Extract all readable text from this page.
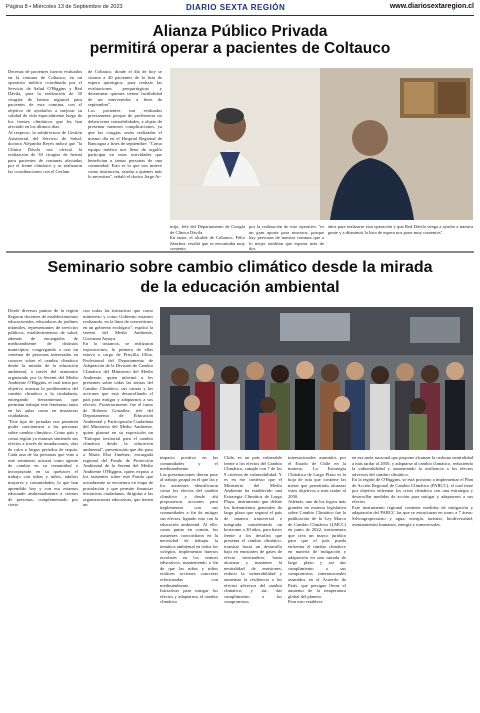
Página 8 • Miércoles 13 de Septiembre de 2023	DIARIO SEXTA REGIÓN	www.diariosextaregion.cl
Alianza Público Privada
permitirá operar a pacientes de Coltauco
Decenas de pacientes fueron evaluados en la comuna de Coltauco, en un operativo médico coordinado por el Servicio de Salud O'Higgins y Red Dávila, para la realización de 30 cirugías de hernia inguinal para pacientes de esta comuna, con el objetivo de ayudarlos a mejorar su calidad de vida especialmente luego de los frentes climáticos que les han afectado en los últimos días.
Al respecto, la subdirectora de Gestión Asistencial del Servicio de Salud, doctora Alejandra Reyes indicó que "la Clínica Dávila nos ofreció la realización de 30 cirugías de hernia para pacientes de comunas afectadas por el frente climático y se realizaron las coordinaciones con el Cesfam
de Coltauco, donde el día de hoy se citaron a 40 pacientes de la lista de espera quirúrgica, para realizar las evaluaciones prequirúrgicas y determinar quienes tienen factibilidad de ser intervenidos a fines de septiembre".
Los pacientes son evaluados previamente porque de preferencia no deben tener comorbilidades, a objeto de presentar menores complicaciones, ya que las cirugías serán realizadas el mismo día en el Hospital Regional de Rancagua a fines de septiembre. "Como equipo médico nos llena de orgullo participar en estas actividades que benefician a tantas personas de una comunidad. Esto es lo que nos mueve como institución, ayudar a quienes más lo necesitan", señaló el doctor Jorge Ar-
mijo, Jefe del Departamento de Cirugía de Clínica Dávila.
En tanto, el alcalde de Coltauco, Félix Sánchez, resaltó que se encontraba muy contento
por la realización de este operativo "es un gran aporte para nosotros, porque hay personas de nuestra comuna que a lo mejor tendrían que esperar más de dos
años para realizarse esta operación y que Red Dávila venga a ayudar a nuestra gente y a disminuir la lista de espera nos pone muy contentos".
Seminario sobre cambio climático desde la mirada
de la educación ambiental
Desde diversos puntos de la región llegaron docentes de establecimientos educacionales, educadoras de jardines infantiles, representantes de servicios públicos, establecimientos de salud, además de encargados de medioambiente de distintos municipios, congregando a casi un centenar de personas interesadas en conocer sobre el cambio climático desde la mirada de la educación ambiental, a través del seminario organizado por la Seremi del Medio Ambiente O'Higgins, el cual tenía por objetivo avanzar la problemática del cambio climático a la ciudadanía, entregando herramientas que permitan trabajar este fenómeno tanto en las aulas como en instancias ciudadanas.
"Este tipo de jornadas nos permiten poder concientizar a las personas sobre cambio climático. Como país y como región ya estamos sintiendo sus efectos a través de inundaciones, olas de calor o largos periodos de sequía. Cada una de las personas que vino a este seminario actuará como agente de cambio en su comunidad o incorporarán en su quehacer el trabajo con niñas y niños, adultos mayores y comunidades, lo que han aprendido hoy y con eso estamos educando ambientalmente a cientos de personas, complementado por cierto
con todas las iniciativas que como ministerio y como Gobierno estamos realizando, en la línea de convertirnos en un gobierno ecológico", explicó la seremi del Medio Ambiente, Giovanna Amaya.
En la instancia, se realizaron exposiciones, la primera de ellas estuvo a cargo de Priscilla Ulloa, Profesional del Departamento de Adaptación de la División de Cambio Climático del Ministerio del Medio Ambiente, quien informó a los presentes sobre todas las aristas del Cambio Climático, sus causas y las acciones que está desarrollando el país para mitigar y adaptarnos a sus efectos. Posteriormente, fue el turno de Roberto González, jefe del Departamento de Educación Ambiental y Participación Ciudadana del Ministerio del Medio Ambiente, quien plasmó en su exposición un "Enfoque territorial para el cambio climático desde la educación ambiental", presentación que dio paso a María Elsa Jiménez, encargada regional del Fondo de Protección Ambiental de la Seremi del Medio Ambiente O'Higgins, quien expuso a los asistentes sobre este Fondo que actualmente se encuentra en etapa de postulación y que permite financiar iniciativas ciudadanas, dirigidas a las organizaciones educativas, que tienen un
impacto positivo en las comunidades y el medioambiente.
Las presentaciones dieron paso al trabajo grupal en el que las y los asistentes identificaron cómo los efectos del cambio climático y desde ahí propusieron acciones para implementar con sus comunidades a fin de mitigar sus efectos, ligando esto con la educación ambiental. Al ello, como punto en común, los asistentes concordaron en la necesidad de trabajar la temática ambiental en todos los colegios, implementar huertos escolares en los centros educativos, manteniendo a fin de que las niñas y niños realicen acciones concretas relacionadas con medioambiente.
Iniciativas para mitigar los efectos y adaptarnos al cambio climático
Chile, es un país vulnerable frente a los efectos del Cambio Climático, cumple con 7 de los 9 criterios de vulnerabilidad. Y es en ese contexto que el Ministerio del Medio Ambiente ha establecido una Estrategia Climática de Largo Plazo, instrumento que define los lineamientos generales de largo plazo que seguirá el país de manera transversal e integrada, considerando un horizonte a 30 años, para hacer frente a los desafíos que presenta el cambio climático; transitar hacia un desarrollo bajo en emisiones de gases de efecto invernadero, hasta alcanzar y mantener la neutralidad de emisiones; reducir la vulnerabilidad y aumentar la resiliencia a los efectos adversos del cambio climático; y así, dar cumplimiento a los compromisos
internacionales asumidos por el Estado de Chile en la materia. La Estrategia Climática de Largo Plazo es la hoja de ruta que contiene las metas que permitirán alcanzar estos objetivos a más tardar al 2050.
Además, uno de los logros más grandes en materia legislativa sobre Cambio Climático fue la publicación de la Ley Marco de Cambio Climático (LMCC) en junio de 2022, instrumento que crea un marco jurídico para que el país pueda enfrentar el cambio climático en materia de mitigación y adaptación en una mirada de largo plazo y así dar cumplimiento a sus compromisos internacionales asumidos en el Acuerdo de París, que persigue llevar el aumento de la temperatura global del planeta.
Para esto establece
en esa meta nacional que propone alcanzar la carbono neutralidad a más tardar al 2050, y adaptarse al cambio climático, reduciendo la vulnerabilidad y aumentando la resiliencia a los efectos adversos del cambio climático.
En la región de O'Higgins, se está próximo a implementar el Plan de Acción Regional de Cambio Climático (PARCC), el cual tiene por objetivo enfrentar los crisis climática con una estrategia y desarrollar medidas de acción para mitigar y adaptarnos a sus efectos.
Este instrumento regional contiene medidas de mitigación y adaptación del PARCC las que se estructuran en torno a 7 áreas: Silvoagropecuario y agua, energía, turismo, biodiversidad, asentamientos humanos, energía y transversales.
